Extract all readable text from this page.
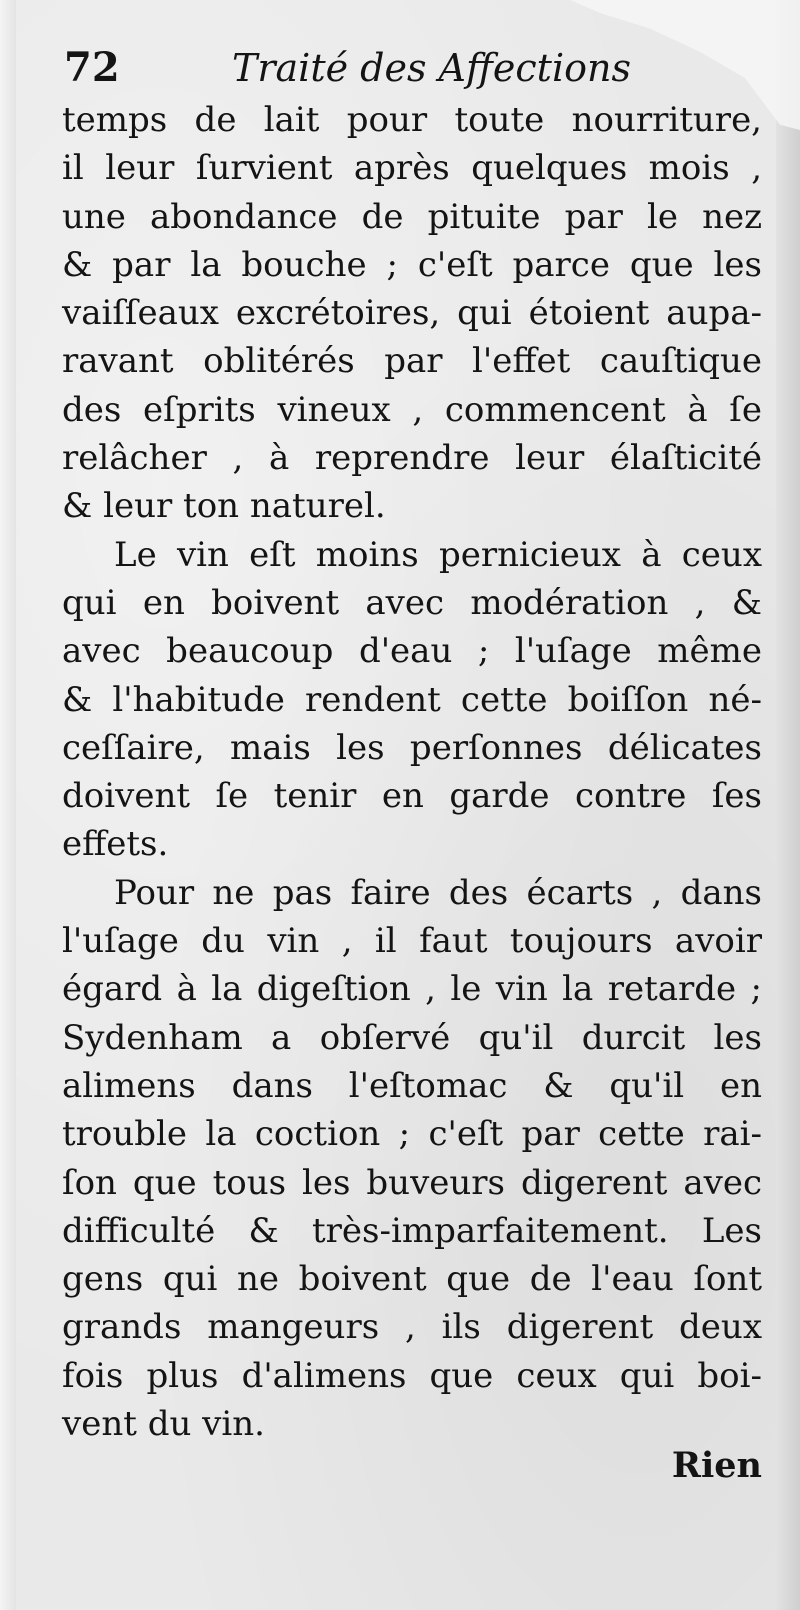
72	Traité des Affections
temps de lait pour toute nourriture,
il leur ſurvient après quelques mois ,
une abondance de pituite par le nez
& par la bouche ; c'eſt parce que les
vaiſſeaux excrétoires, qui étoient aupa-
ravant oblitérés par l'effet cauſtique
des eſprits vineux , commencent à ſe
relâcher , à reprendre leur élaſticité
& leur ton naturel.
Le vin eſt moins pernicieux à ceux
qui en boivent avec modération , &
avec beaucoup d'eau ; l'uſage même
& l'habitude rendent cette boiſſon né-
ceſſaire, mais les perſonnes délicates
doivent ſe tenir en garde contre ſes
effets.
Pour ne pas faire des écarts , dans
l'uſage du vin , il faut toujours avoir
égard à la digeſtion , le vin la retarde ;
Sydenham a obſervé qu'il durcit les
alimens dans l'eſtomac & qu'il en
trouble la coction ; c'eſt par cette rai-
ſon que tous les buveurs digerent avec
difficulté & très-imparfaitement. Les
gens qui ne boivent que de l'eau ſont
grands mangeurs , ils digerent deux
fois plus d'alimens que ceux qui boi-
vent du vin.
Rien
